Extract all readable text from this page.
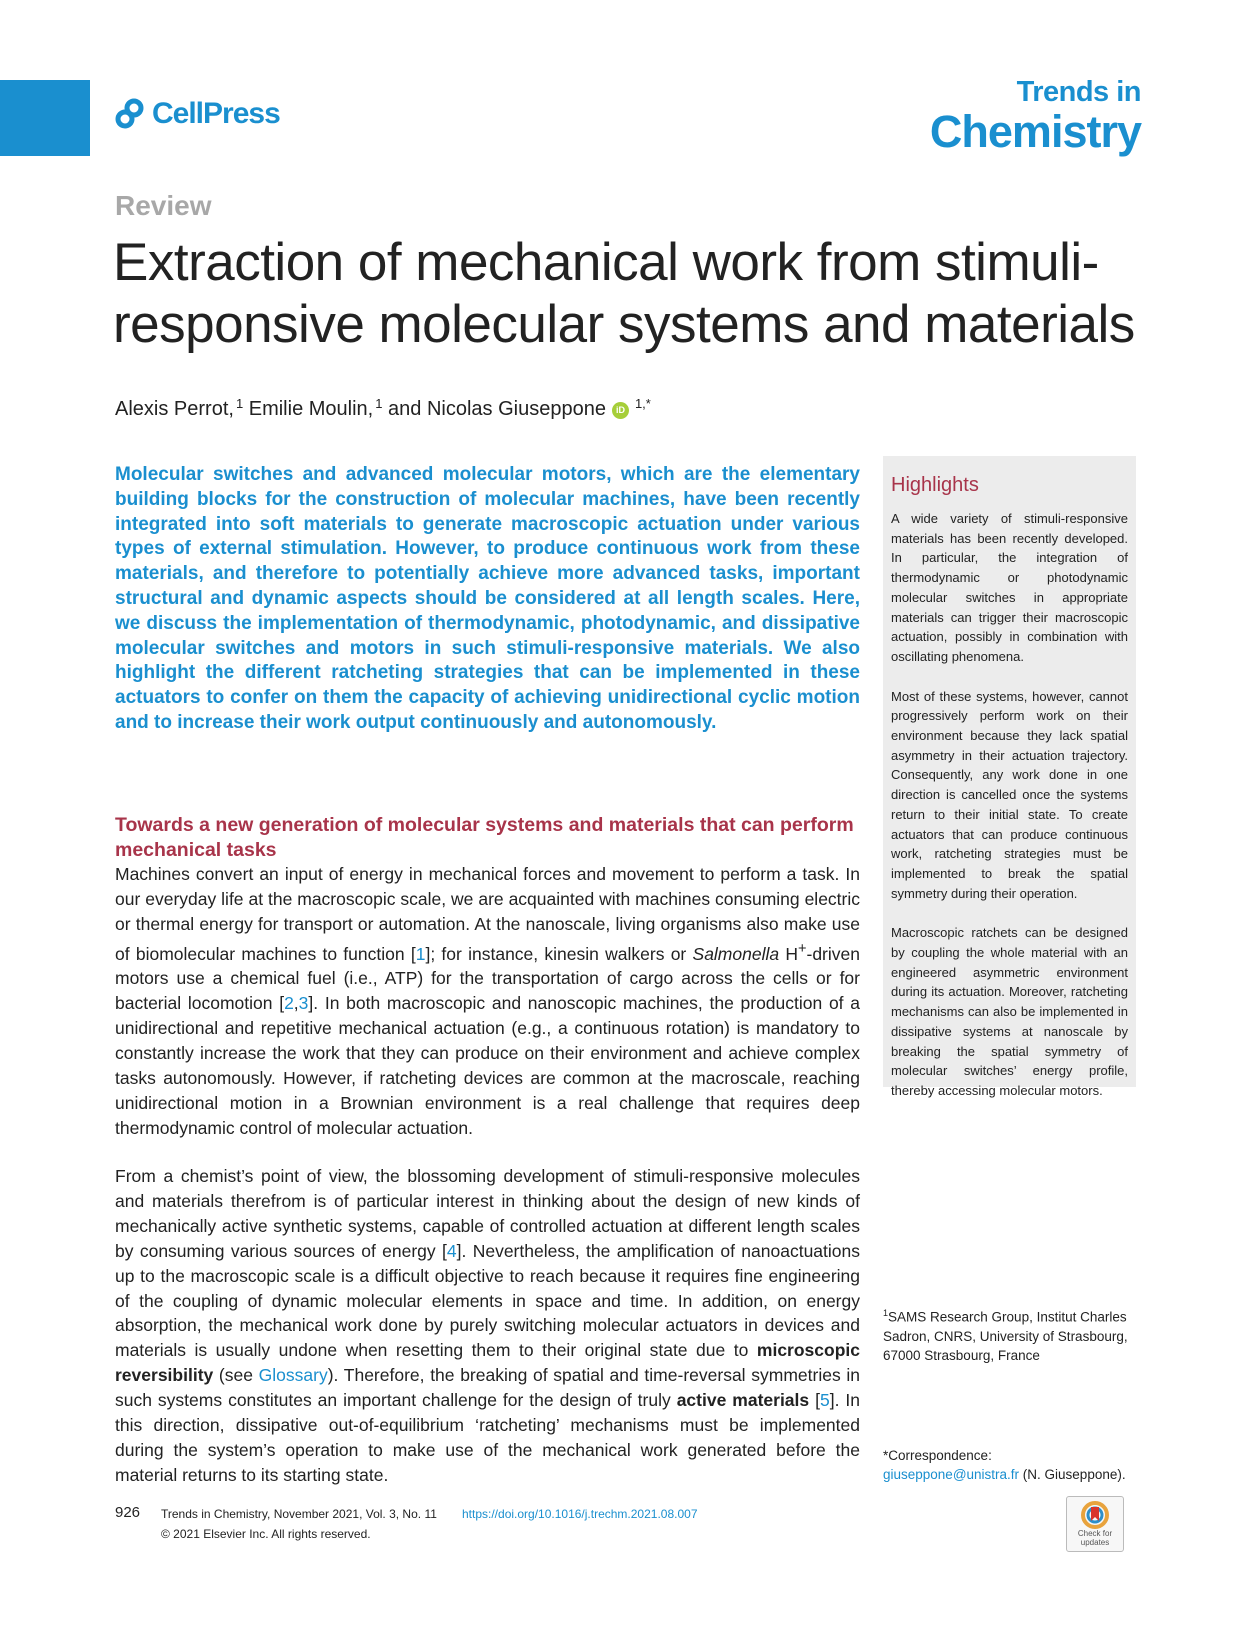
CellPress
Trends in
Chemistry
Review
Extraction of mechanical work from stimuli-responsive molecular systems and materials
Alexis Perrot,$^1$
Emilie Moulin,$^1$
and
Nicolas Giuseppone	iD $^{1,*}$

Molecular switches and advanced molecular motors, which are the elementary building blocks for the construction of molecular machines, have been recently integrated into soft materials to generate macroscopic actuation under various types of external stimulation. However, to produce continuous work from these materials, and therefore to potentially achieve more advanced tasks, important structural and dynamic aspects should be considered at all length scales. Here, we discuss the implementation of thermodynamic, photodynamic, and dissipative molecular switches and motors in such stimuli-responsive materials. We also highlight the different ratcheting strategies that can be implemented in these actuators to confer on them the capacity of achieving unidirectional cyclic motion and to increase their work output continuously and autonomously.

Towards a new generation of molecular systems and materials that can perform mechanical tasks

Machines convert an input of energy in mechanical forces and movement to perform a task. In our everyday life at the macroscopic scale, we are acquainted with machines consuming electric or thermal energy for transport or automation. At the nanoscale, living organisms also make use of biomolecular machines to function [1]; for instance, kinesin walkers or Salmonella H+-driven motors use a chemical fuel (i.e., ATP) for the transportation of cargo across the cells or for bacterial locomotion [2,3]. In both macroscopic and nanoscopic machines, the production of a unidirectional and repetitive mechanical actuation (e.g., a continuous rotation) is mandatory to constantly increase the work that they can produce on their environment and achieve complex tasks autonomously. However, if ratcheting devices are common at the macroscale, reaching unidirectional motion in a Brownian environment is a real challenge that requires deep thermodynamic control of molecular actuation.

From a chemist’s point of view, the blossoming development of stimuli-responsive molecules and materials therefrom is of particular interest in thinking about the design of new kinds of mechanically active synthetic systems, capable of controlled actuation at different length scales by consuming various sources of energy [4]. Nevertheless, the amplification of nanoactuations up to the macroscopic scale is a difficult objective to reach because it requires fine engineering of the coupling of dynamic molecular elements in space and time. In addition, on energy absorption, the mechanical work done by purely switching molecular actuators in devices and materials is usually undone when resetting them to their original state due to microscopic reversibility (see Glossary). Therefore, the breaking of spatial and time-reversal symmetries in such systems constitutes an important challenge for the design of truly active materials [5]. In this direction, dissipative out-of-equilibrium ‘ratcheting’ mechanisms must be implemented during the system’s operation to make use of the mechanical work generated before the material returns to its starting state.

Highlights

A wide variety of stimuli-responsive materials has been recently developed. In particular, the integration of thermodynamic or photodynamic molecular switches in appropriate materials can trigger their macroscopic actuation, possibly in combination with oscillating phenomena.

Most of these systems, however, cannot progressively perform work on their environment because they lack spatial asymmetry in their actuation trajectory. Consequently, any work done in one direction is cancelled once the systems return to their initial state. To create actuators that can produce continuous work, ratcheting strategies must be implemented to break the spatial symmetry during their operation.

Macroscopic ratchets can be designed by coupling the whole material with an engineered asymmetric environment during its actuation. Moreover, ratcheting mechanisms can also be implemented in dissipative systems at nanoscale by breaking the spatial symmetry of molecular switches’ energy profile, thereby accessing molecular motors.

$^1$SAMS Research Group, Institut Charles Sadron, CNRS, University of Strasbourg, 67000 Strasbourg, France
*Correspondence:
giuseppone@unistra.fr (N. Giuseppone).
926 Trends in Chemistry, November 2021, Vol. 3, No. 11 https://doi.org/10.1016/j.trechm.2021.08.007
© 2021 Elsevier Inc. All rights reserved.	Check for
updates
